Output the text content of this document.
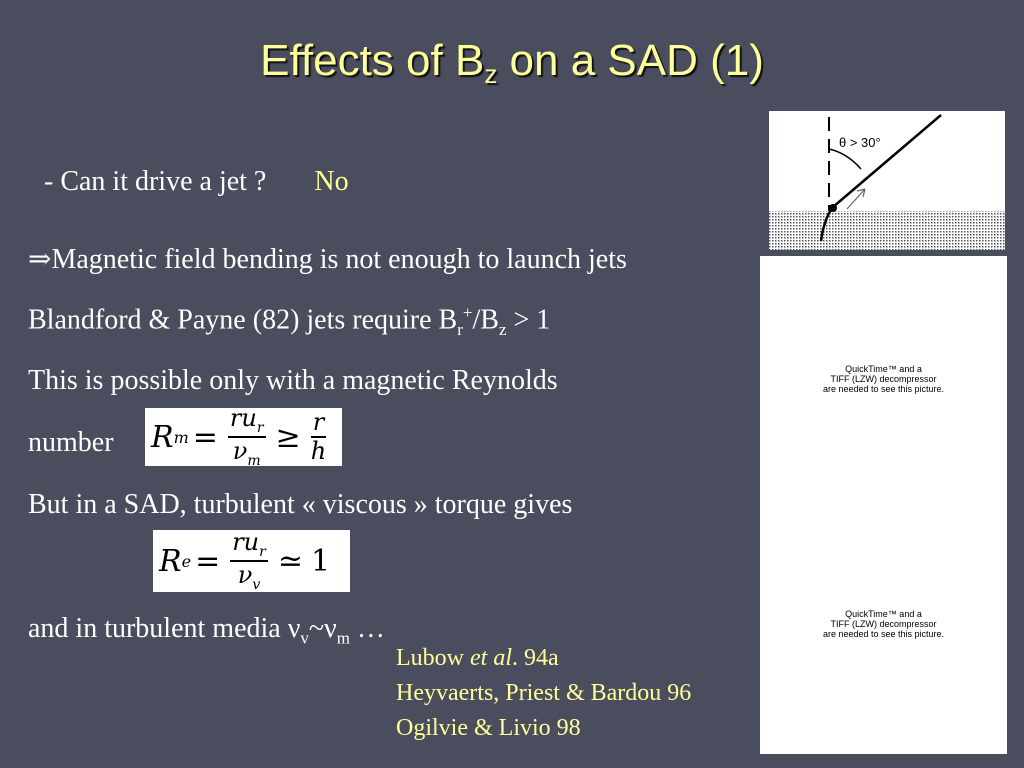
Effects of $B_z$ on a SAD (1)
- Can it drive a jet ? No
⇒Magnetic field bending is not enough to launch jets
Blandford & Payne (82) jets require $B_r^+/B_z > 1$
This is possible only with a magnetic Reynolds
number R $m = \frac{ru_r}{\nu_m} \ge \frac{r}{h}$
But in a SAD, turbulent « viscous » torque gives
R $e = \frac{ru_r}{\nu_v}$ ≃ 1
and in turbulent media $\nu_v\sim\nu_m$ …
Lubow et al. 94a
Heyvaerts, Priest & Bardou 96
Ogilvie & Livio 98
θ > 30°
QuickTime™ and a
TIFF (LZW) decompressor
are needed to see this picture.
QuickTime™ and a
TIFF (LZW) decompressor
are needed to see this picture.
